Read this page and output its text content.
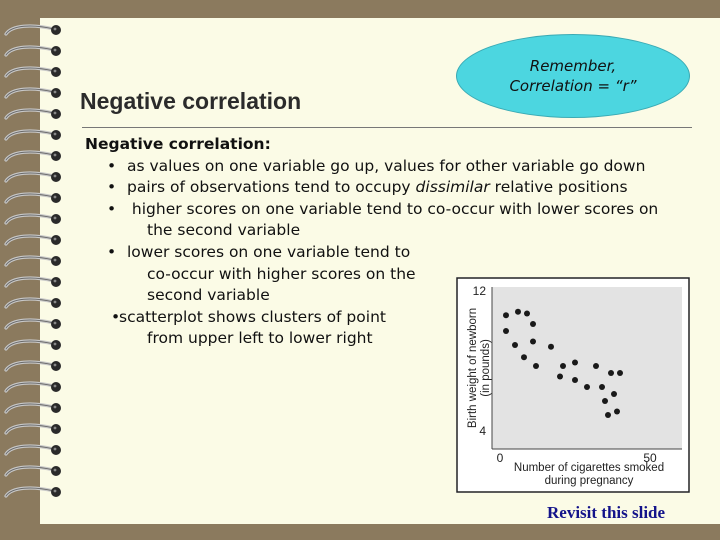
Negative correlation
Remember,
Correlation = “r”
Negative correlation:
• as values on one variable go up, values for other variable go down
• pairs of observations tend to occupy dissimilar relative positions
• higher scores on one variable tend to co-occur with lower scores on
the second variable
• lower scores on one variable tend to
co-occur with higher scores on the
second variable
•scatterplot shows clusters of point
from upper left to lower right
12
4
0	50
Number of cigarettes smoked
during pregnancy
Birth weight of newborn (in pounds)
Revisit this slide
